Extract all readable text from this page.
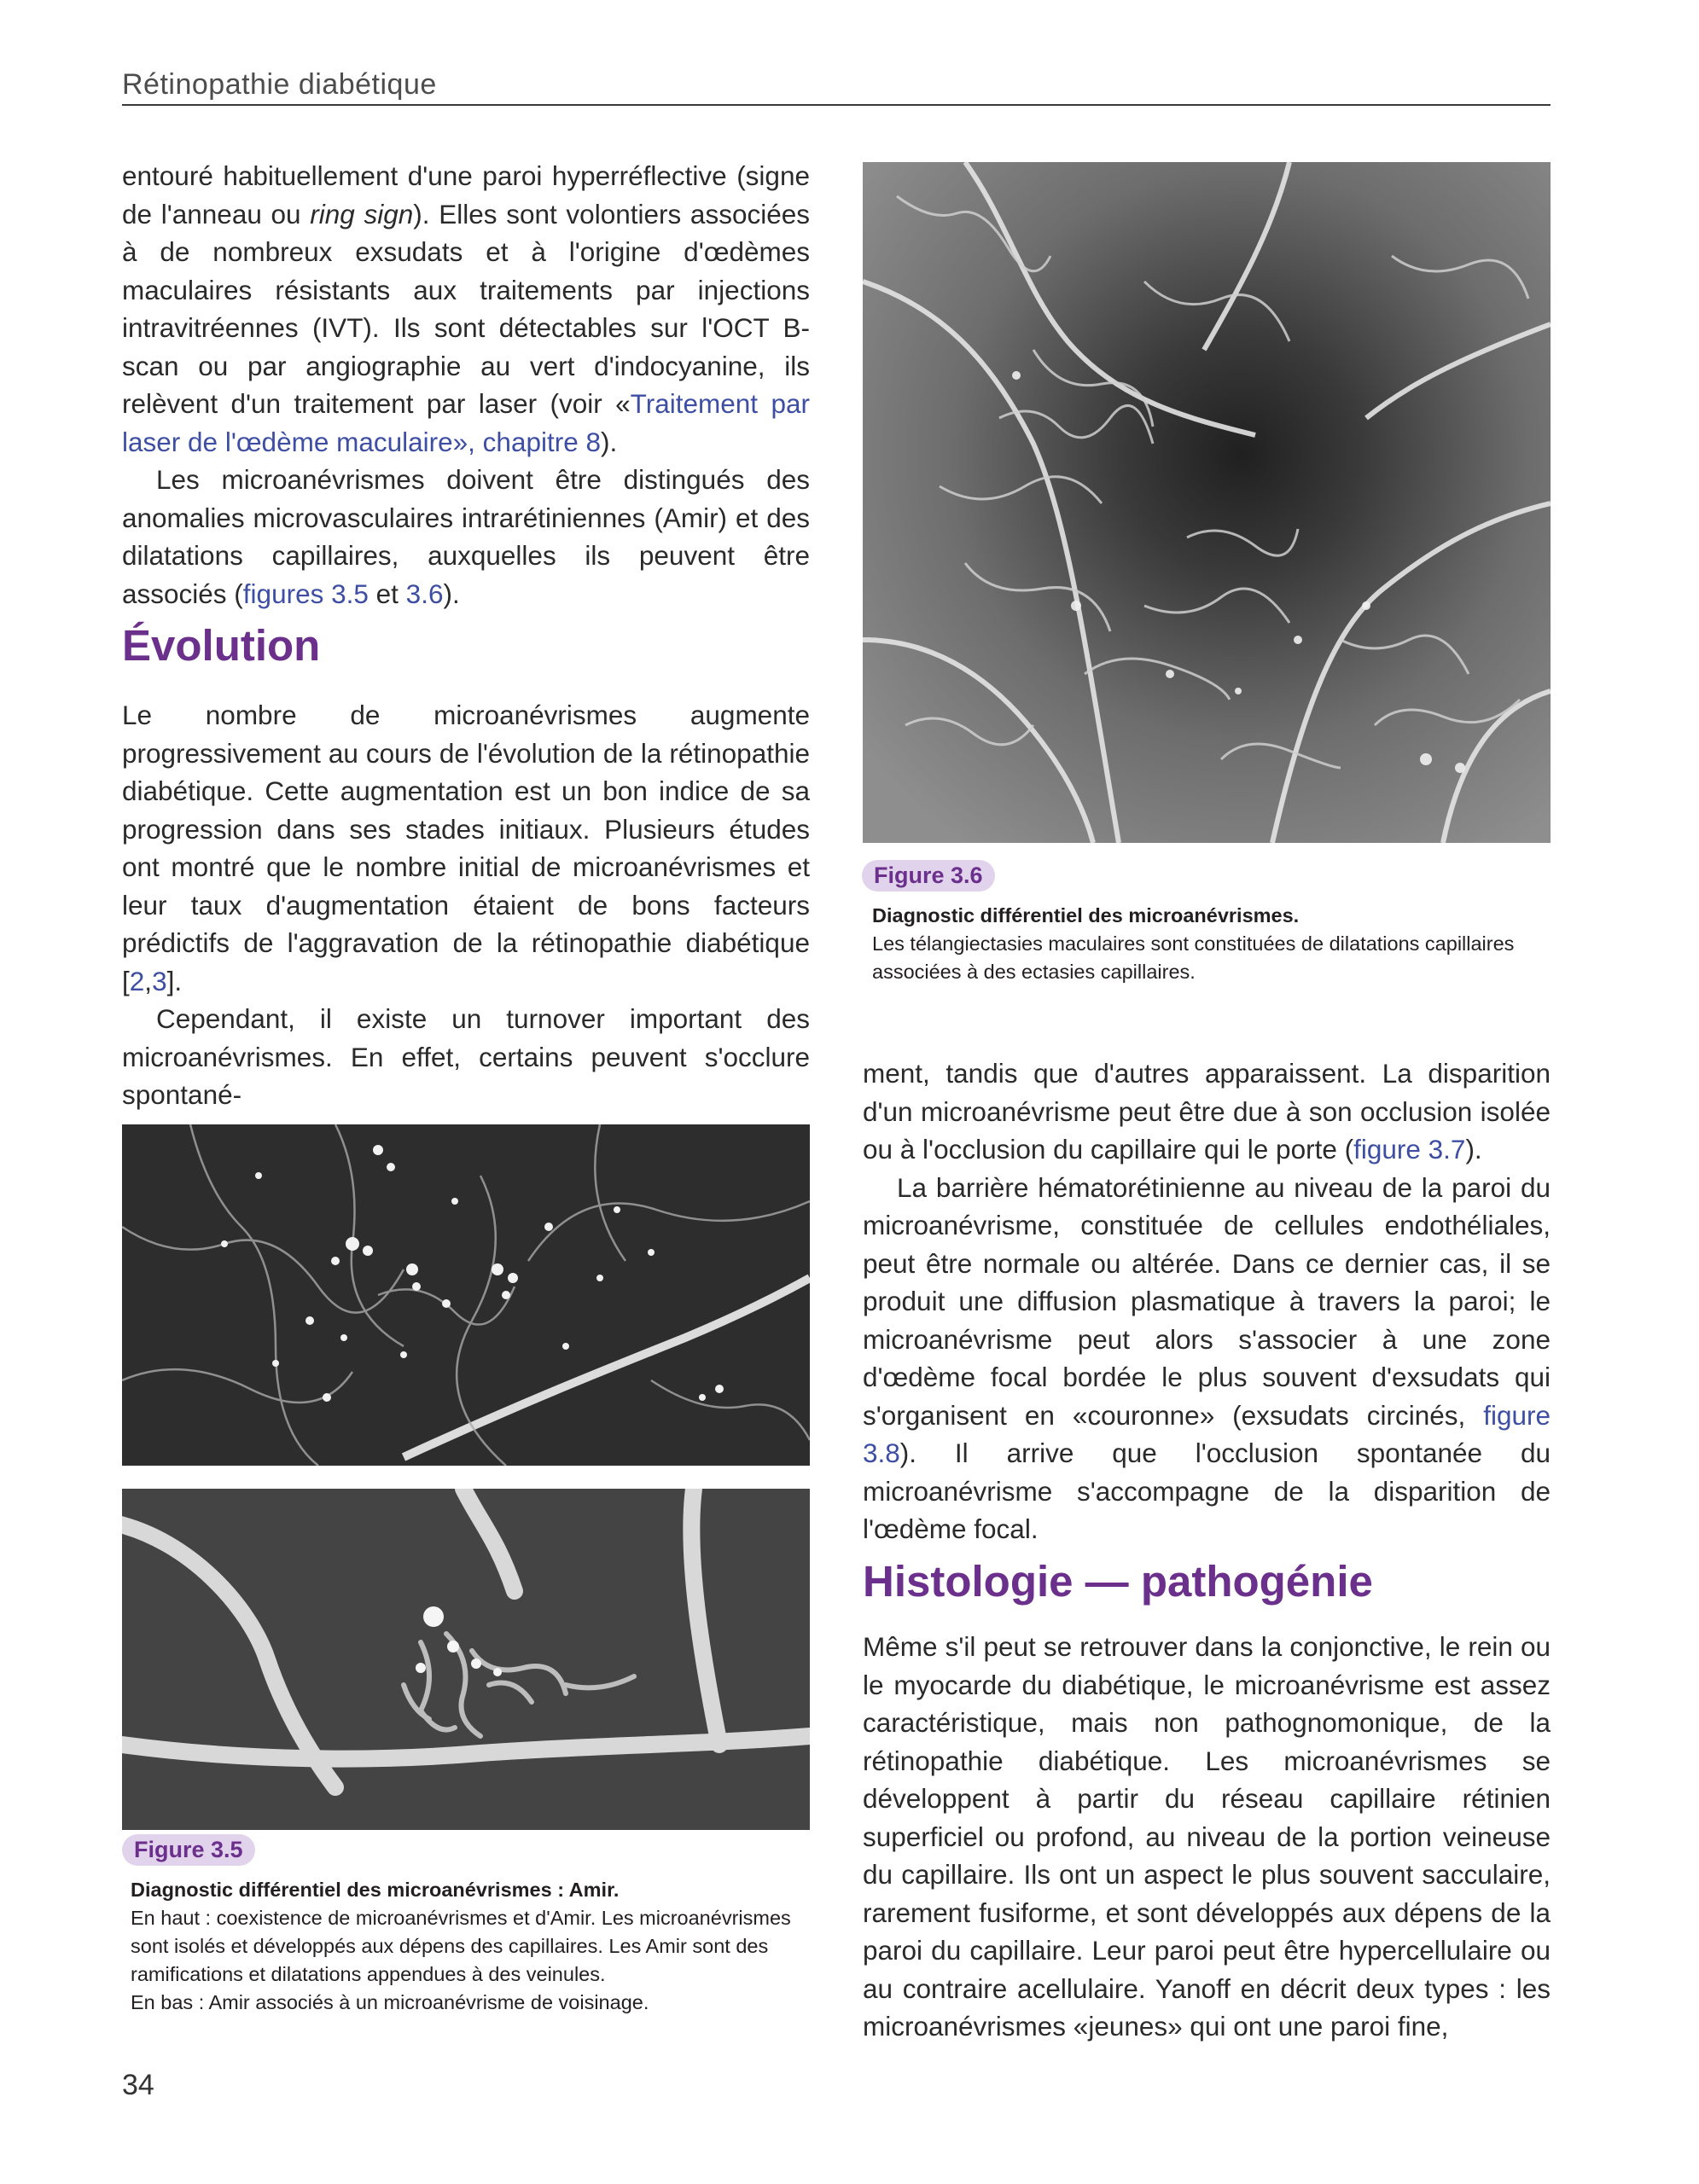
Rétinopathie diabétique

entouré habituellement d'une paroi hyperréflective (signe de l'anneau ou ring sign). Elles sont volontiers associées à de nombreux exsudats et à l'origine d'œdèmes maculaires résistants aux traitements par injections intravitréennes (IVT). Ils sont détectables sur l'OCT B-scan ou par angiographie au vert d'indocyanine, ils relèvent d'un traitement par laser (voir «Traitement par laser de l'œdème maculaire», chapitre 8).

Les microanévrismes doivent être distingués des anomalies microvasculaires intrarétiniennes (Amir) et des dilatations capillaires, auxquelles ils peuvent être associés (figures 3.5 et 3.6).

Évolution

Le nombre de microanévrismes augmente progressivement au cours de l'évolution de la rétinopathie diabétique. Cette augmentation est un bon indice de sa progression dans ses stades initiaux. Plusieurs études ont montré que le nombre initial de microanévrismes et leur taux d'augmentation étaient de bons facteurs prédictifs de l'aggravation de la rétinopathie diabétique [2,3].

Cependant, il existe un turnover important des microanévrismes. En effet, certains peuvent s'occlure spontané-

Figure 3.6

Diagnostic différentiel des microanévrismes.

Les télangiectasies maculaires sont constituées de dilatations capillaires associées à des ectasies capillaires.

ment, tandis que d'autres apparaissent. La disparition d'un microanévrisme peut être due à son occlusion isolée ou à l'occlusion du capillaire qui le porte (figure 3.7).

La barrière hématorétinienne au niveau de la paroi du microanévrisme, constituée de cellules endothéliales, peut être normale ou altérée. Dans ce dernier cas, il se produit une diffusion plasmatique à travers la paroi; le microanévrisme peut alors s'associer à une zone d'œdème focal bordée le plus souvent d'exsudats qui s'organisent en «couronne» (exsudats circinés, figure 3.8). Il arrive que l'occlusion spontanée du microanévrisme s'accompagne de la disparition de l'œdème focal.

Histologie — pathogénie

Même s'il peut se retrouver dans la conjonctive, le rein ou le myocarde du diabétique, le microanévrisme est assez caractéristique, mais non pathognomonique, de la rétinopathie diabétique. Les microanévrismes se développent à partir du réseau capillaire rétinien superficiel ou profond, au niveau de la portion veineuse du capillaire. Ils ont un aspect le plus souvent sacculaire, rarement fusiforme, et sont développés aux dépens de la paroi du capillaire. Leur paroi peut être hypercellulaire ou au contraire acellulaire. Yanoff en décrit deux types : les microanévrismes «jeunes» qui ont une paroi fine,

Figure 3.5

Diagnostic différentiel des microanévrismes : Amir.

En haut : coexistence de microanévrismes et d'Amir. Les microanévrismes sont isolés et développés aux dépens des capillaires. Les Amir sont des ramifications et dilatations appendues à des veinules.

En bas : Amir associés à un microanévrisme de voisinage.

34
